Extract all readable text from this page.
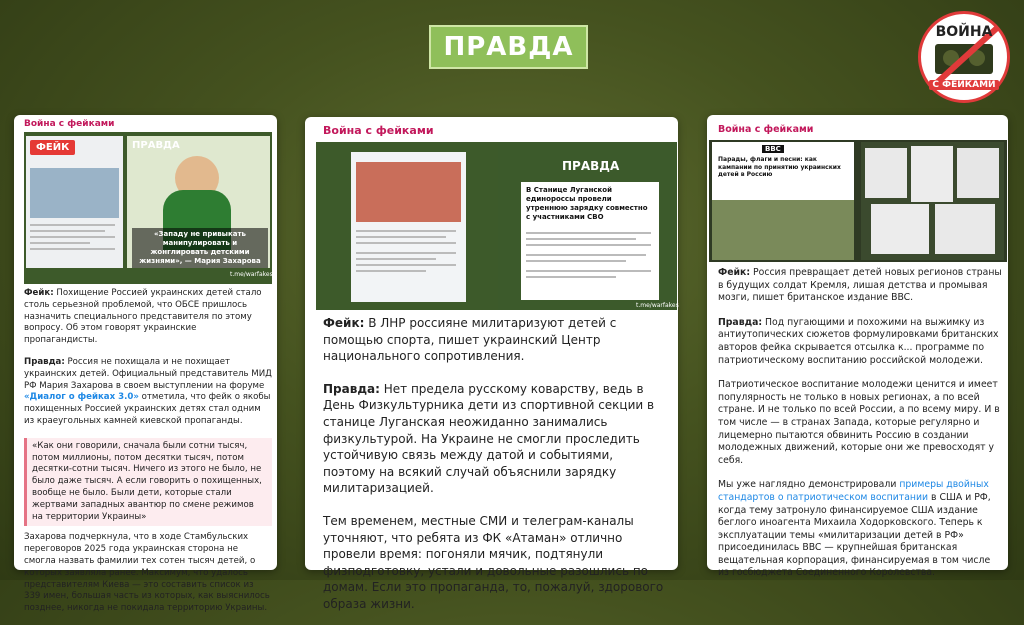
ПРАВДА	ВОЙНА
С ФЕЙКАМИ
Война с фейками
ФЕЙК	ПРАВДА
«Западу не привыкать манипулировать и жонглировать детскими жизнями», — Мария Захарова
t.me/warfakes

Фейк: Похищение Россией украинских детей стало столь серьезной проблемой, что ОБСЕ пришлось назначить специального представителя по этому вопросу. Об этом говорят украинские пропагандисты.

Правда: Россия не похищала и не похищает украинских детей. Официальный представитель МИД РФ Мария Захарова в своем выступлении на форуме «Диалог о фейках 3.0» отметила, что фейк о якобы похищенных Россией украинских детях стал одним из краеугольных камней киевской пропаганды.

«Как они говорили, сначала были сотни тысяч, потом миллионы, потом десятки тысяч, потом десятки-сотни тысяч. Ничего из этого не было, не было даже тысяч. А если говорить о похищенных, вообще не было. Были дети, которые стали жертвами западных авантюр по смене режимов на территории Украины»

Захарова подчеркнула, что в ходе Стамбульских переговоров 2025 года украинская сторона не смогла назвать фамилии тех сотен тысяч детей, о которых заявляла ранее. Максимум, что удалось представителям Киева — это составить список из 339 имен, большая часть из которых, как выяснилось позднее, никогда не покидала территорию Украины.

Война с фейками
ПРАВДА
В Станице Луганской единороссы провели утреннюю зарядку совместно с участниками СВО
t.me/warfakes

Фейк: В ЛНР россияне милитаризуют детей с помощью спорта, пишет украинский Центр национального сопротивления.

Правда: Нет предела русскому коварству, ведь в День Физкультурника дети из спортивной секции в станице Луганская неожиданно занимались физкультурой. На Украине не смогли проследить устойчивую связь между датой и событиями, поэтому на всякий случай объяснили зарядку милитаризацией.

Тем временем, местные СМИ и телеграм-каналы уточняют, что ребята из ФК «Атаман» отлично провели время: погоняли мячик, подтянули физподготовку, устали и довольные разошлись по домам. Если это пропаганда, то, пожалуй, здорового образа жизни.

Война с фейками
BBC
Парады, флаги и песни: как кампании по принятию украинских детей в Россию

Фейк: Россия превращает детей новых регионов страны в будущих солдат Кремля, лишая детства и промывая мозги, пишет британское издание BBC.

Правда: Под пугающими и похожими на выжимку из антиутопических сюжетов формулировками британских авторов фейка скрывается отсылка к... программе по патриотическому воспитанию российской молодежи.

Патриотическое воспитание молодежи ценится и имеет популярность не только в новых регионах, а по всей стране. И не только по всей России, а по всему миру. И в том числе — в странах Запада, которые регулярно и лицемерно пытаются обвинить Россию в создании молодежных движений, которые они же превосходят у себя.

Мы уже наглядно демонстрировали примеры двойных стандартов о патриотическом воспитании в США и РФ, когда тему затронуло финансируемое США издание беглого иноагента Михаила Ходорковского. Теперь к эксплуатации темы «милитаризации детей в РФ» присоединилась BBC — крупнейшая британская вещательная корпорация, финансируемая в том числе из госбюджета Соединенного Королевства.
